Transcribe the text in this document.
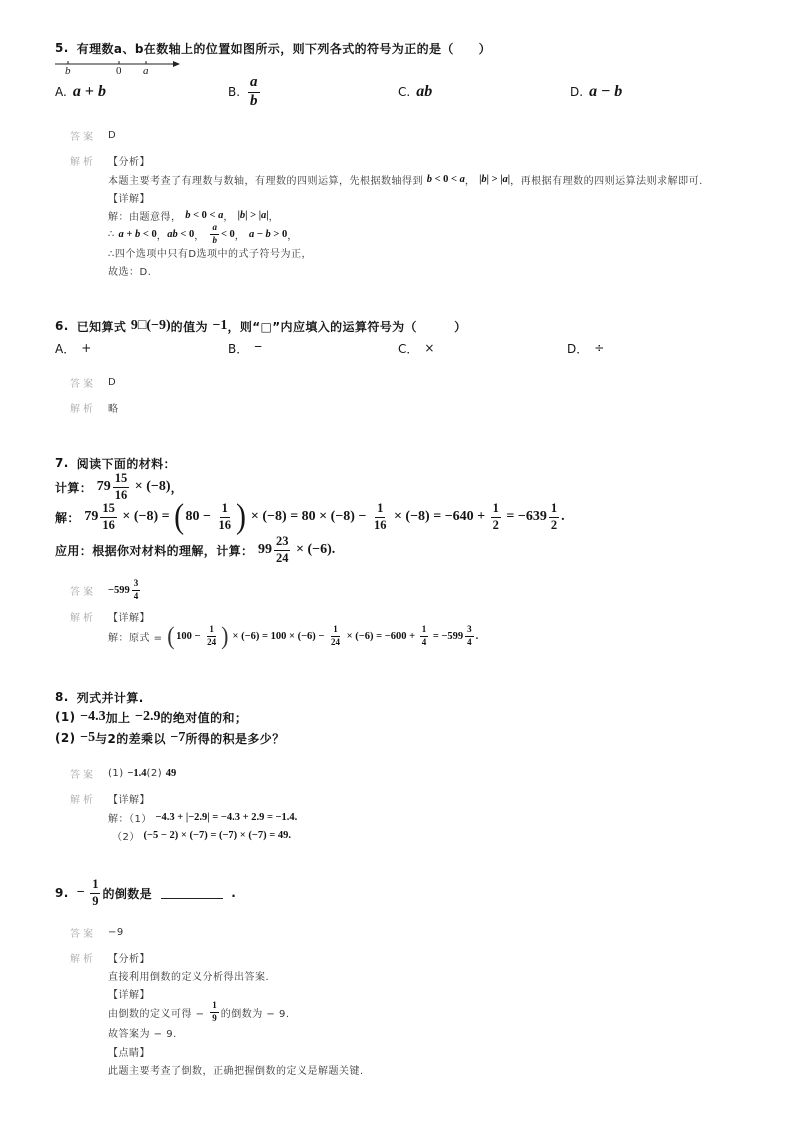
5. 有理数a、b在数轴上的位置如图所示，则下列各式的符号为正的是（　　）
b	0 a
A. a + b	B. $\frac{a}{b}$	C. ab	D. a − b
答案	D
解析	【分析】
本题主要考查了有理数与数轴，有理数的四则运算，先根据数轴得到 b < 0 < a ， |b| > |a| ，再根据有理数的四则运算法则求解即可.
【详解】
解：由题意得， b < 0 < a ， |b| > |a| ，
∴ a + b < 0 ， ab < 0 ， $\frac{a}{b} < 0$ ， a − b > 0 ，
∴四个选项中只有D选项中的式子符号为正，
故选：D.
6. 已知算式 9□(−9) 的值为 −1 ，则“□”内应填入的运算符号为（　　　）
A． +	B． −	C． ×	D． ÷
答案	D
解析	略
7. 阅读下面的材料：
计算： $79 \frac{15}{16} \times (-8)$ ，
解： $79 \frac{15}{16} \times (-8)$ = ( $80 - \frac{1}{16}$ ) × $(-8) = 80 \times (-8) - \frac{1}{16} \times (-8) = -640 + \frac{1}{2} = -639 \frac{1}{2}$ .
应用：根据你对材料的理解，计算： $99 \frac{23}{24} \times (-6)$.
答案	$-599 \frac{3}{4}$
解析	【详解】
解：原式 = ( $100 - \frac{1}{24}$ ) × $(-6) = 100 \times (-6) - \frac{1}{24} \times (-6) = -600 + \frac{1}{4} = -599 \frac{3}{4}$ .
8. 列式并计算.
(1) −4.3 加上 −2.9 的绝对值的和；
(2) −5 与2的差乘以 −7 所得的积是多少？
答案	(1) −1.4 (2) 49
解析	【详解】
解：（1） −4.3 + |−2.9| = −4.3 + 2.9 = −1.4.
（2） (−5 − 2) × (−7) = (−7) × (−7) = 49.
9. − $\frac{1}{9}$ 的倒数是	.
答案	−9
解析	【分析】
直接利用倒数的定义分析得出答案.
【详解】
由倒数的定义可得 − $\frac{1}{9}$ 的倒数为 − 9.
故答案为 − 9.
【点睛】
此题主要考查了倒数，正确把握倒数的定义是解题关键.
